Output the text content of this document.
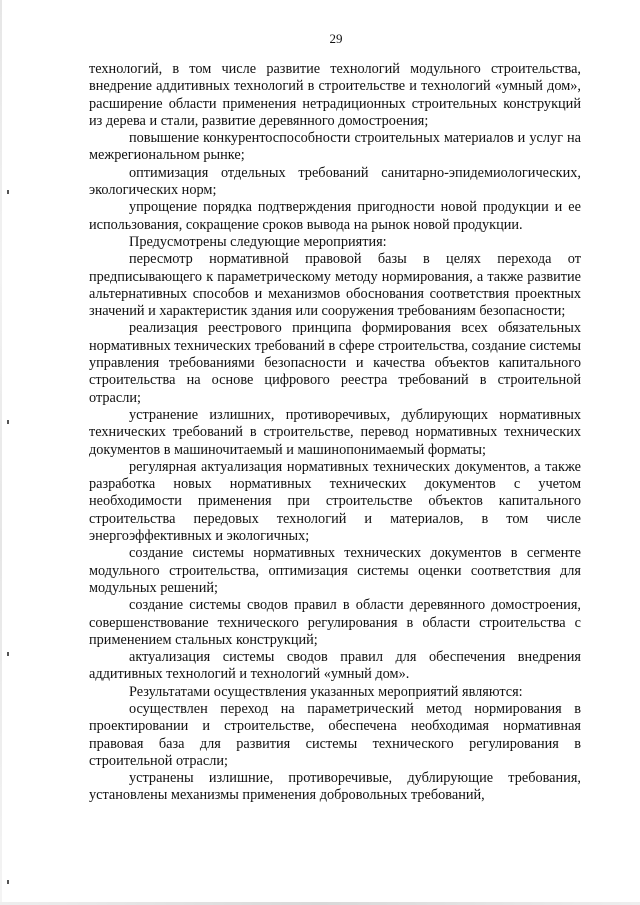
29

технологий, в том числе развитие технологий модульного строительства, внедрение аддитивных технологий в строительстве и технологий «умный дом», расширение области применения нетрадиционных строительных конструкций из дерева и стали, развитие деревянного домостроения;

повышение конкурентоспособности строительных материалов и услуг на межрегиональном рынке;

оптимизация отдельных требований санитарно-эпидемиологических, экологических норм;

упрощение порядка подтверждения пригодности новой продукции и ее использования, сокращение сроков вывода на рынок новой продукции.

Предусмотрены следующие мероприятия:

пересмотр нормативной правовой базы в целях перехода от предписывающего к параметрическому методу нормирования, а также развитие альтернативных способов и механизмов обоснования соответствия проектных значений и характеристик здания или сооружения требованиям безопасности;

реализация реестрового принципа формирования всех обязательных нормативных технических требований в сфере строительства, создание системы управления требованиями безопасности и качества объектов капитального строительства на основе цифрового реестра требований в строительной отрасли;

устранение излишних, противоречивых, дублирующих нормативных технических требований в строительстве, перевод нормативных технических документов в машиночитаемый и машинопонимаемый форматы;

регулярная актуализация нормативных технических документов, а также разработка новых нормативных технических документов с учетом необходимости применения при строительстве объектов капитального строительства передовых технологий и материалов, в том числе энергоэффективных и экологичных;

создание системы нормативных технических документов в сегменте модульного строительства, оптимизация системы оценки соответствия для модульных решений;

создание системы сводов правил в области деревянного домостроения, совершенствование технического регулирования в области строительства с применением стальных конструкций;

актуализация системы сводов правил для обеспечения внедрения аддитивных технологий и технологий «умный дом».

Результатами осуществления указанных мероприятий являются:

осуществлен переход на параметрический метод нормирования в проектировании и строительстве, обеспечена необходимая нормативная правовая база для развития системы технического регулирования в строительной отрасли;

устранены излишние, противоречивые, дублирующие требования, установлены механизмы применения добровольных требований,
